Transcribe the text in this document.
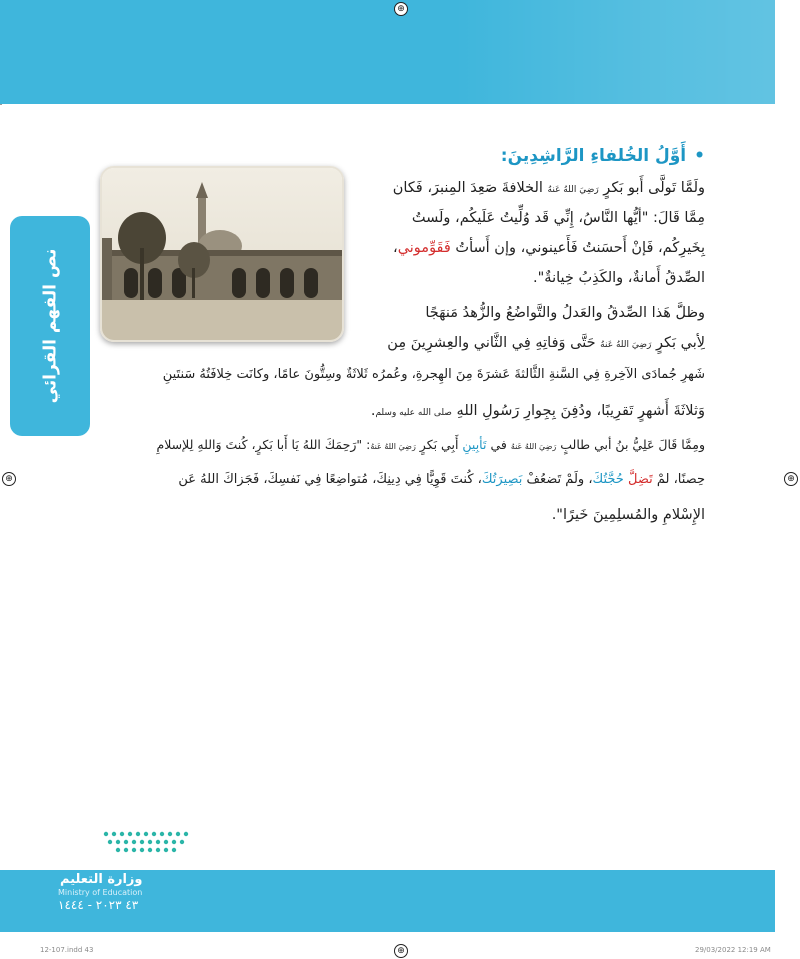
⊕
⊕	⊕
⊕
نص الفهم القرائي
•أَوَّلُ الخُلفاءِ الرَّاشِدِينَ:
ولَمَّا تَولَّى أَبو بَكرٍ رَضِيَ اللهُ عَنهُ الخلافةَ صَعِدَ المِنبرَ، فَكان
مِمَّا قَالَ: "أيُّها النَّاسُ، إِنِّي قَد وُلِّيتُ عَلَيكُم، ولَستُ
بِخَيرِكُم، فَإنْ أَحسَنتُ فَأَعينوني، وإن أَسأتُ فَقَوِّموني،
الصِّدقُ أَمانةٌ، والكَذِبُ خِيانةٌ".
وظلَّ هَذا الصِّدقُ والعَدلُ والتَّواضُعُ والزُّهدُ مَنهَجًا
لِأبي بَكرٍ رَضِيَ اللهُ عَنهُ حَتَّى وَفاتِهِ فِي الثَّاني والعِشرِينَ مِن
شَهرِ جُمادَى الآخِرةِ فِي السَّنةِ الثَّالثةَ عَشرَةَ مِنَ الهِجرةِ، وعُمرُه ثَلاثَةٌ وسِتُّونَ عامًا، وكانَت خِلافَتُهُ سَنتَينِ
وَثلاثَةَ أَشهرٍ تَقرِيبًا، ودُفِنَ بِجِوارِ رَسُولِ اللهِ صلى الله عليه وسلم.
ومِمَّا قَالَ عَلِيُّ بنُ أبي طالبٍ رَضِيَ اللهُ عَنهُ في تَأبِينِ أَبِي بَكرٍ رَضِيَ اللهُ عَنهُ: "رَحِمَكَ اللهُ يَا أَبا بَكرٍ، كُنتَ وَاللهِ لِلإسلامِ
حِصنًا، لمْ تَضِلَّ حُجَّتُكَ، ولَمْ تَضعُفْ بَصِيرَتُكَ، كُنتَ قَوِيًّا فِي دِينِكَ، مُتواضِعًا فِي نَفسِكَ، فَجَزاكَ اللهُ عَن
الإِسْلامِ والمُسلِمِينَ خَيرًا".
وزارة التعليم
Ministry of Education
٤٣ ٢٠٢٣ - ١٤٤٤
12-107.indd 43	29/03/2022 12:19 AM
